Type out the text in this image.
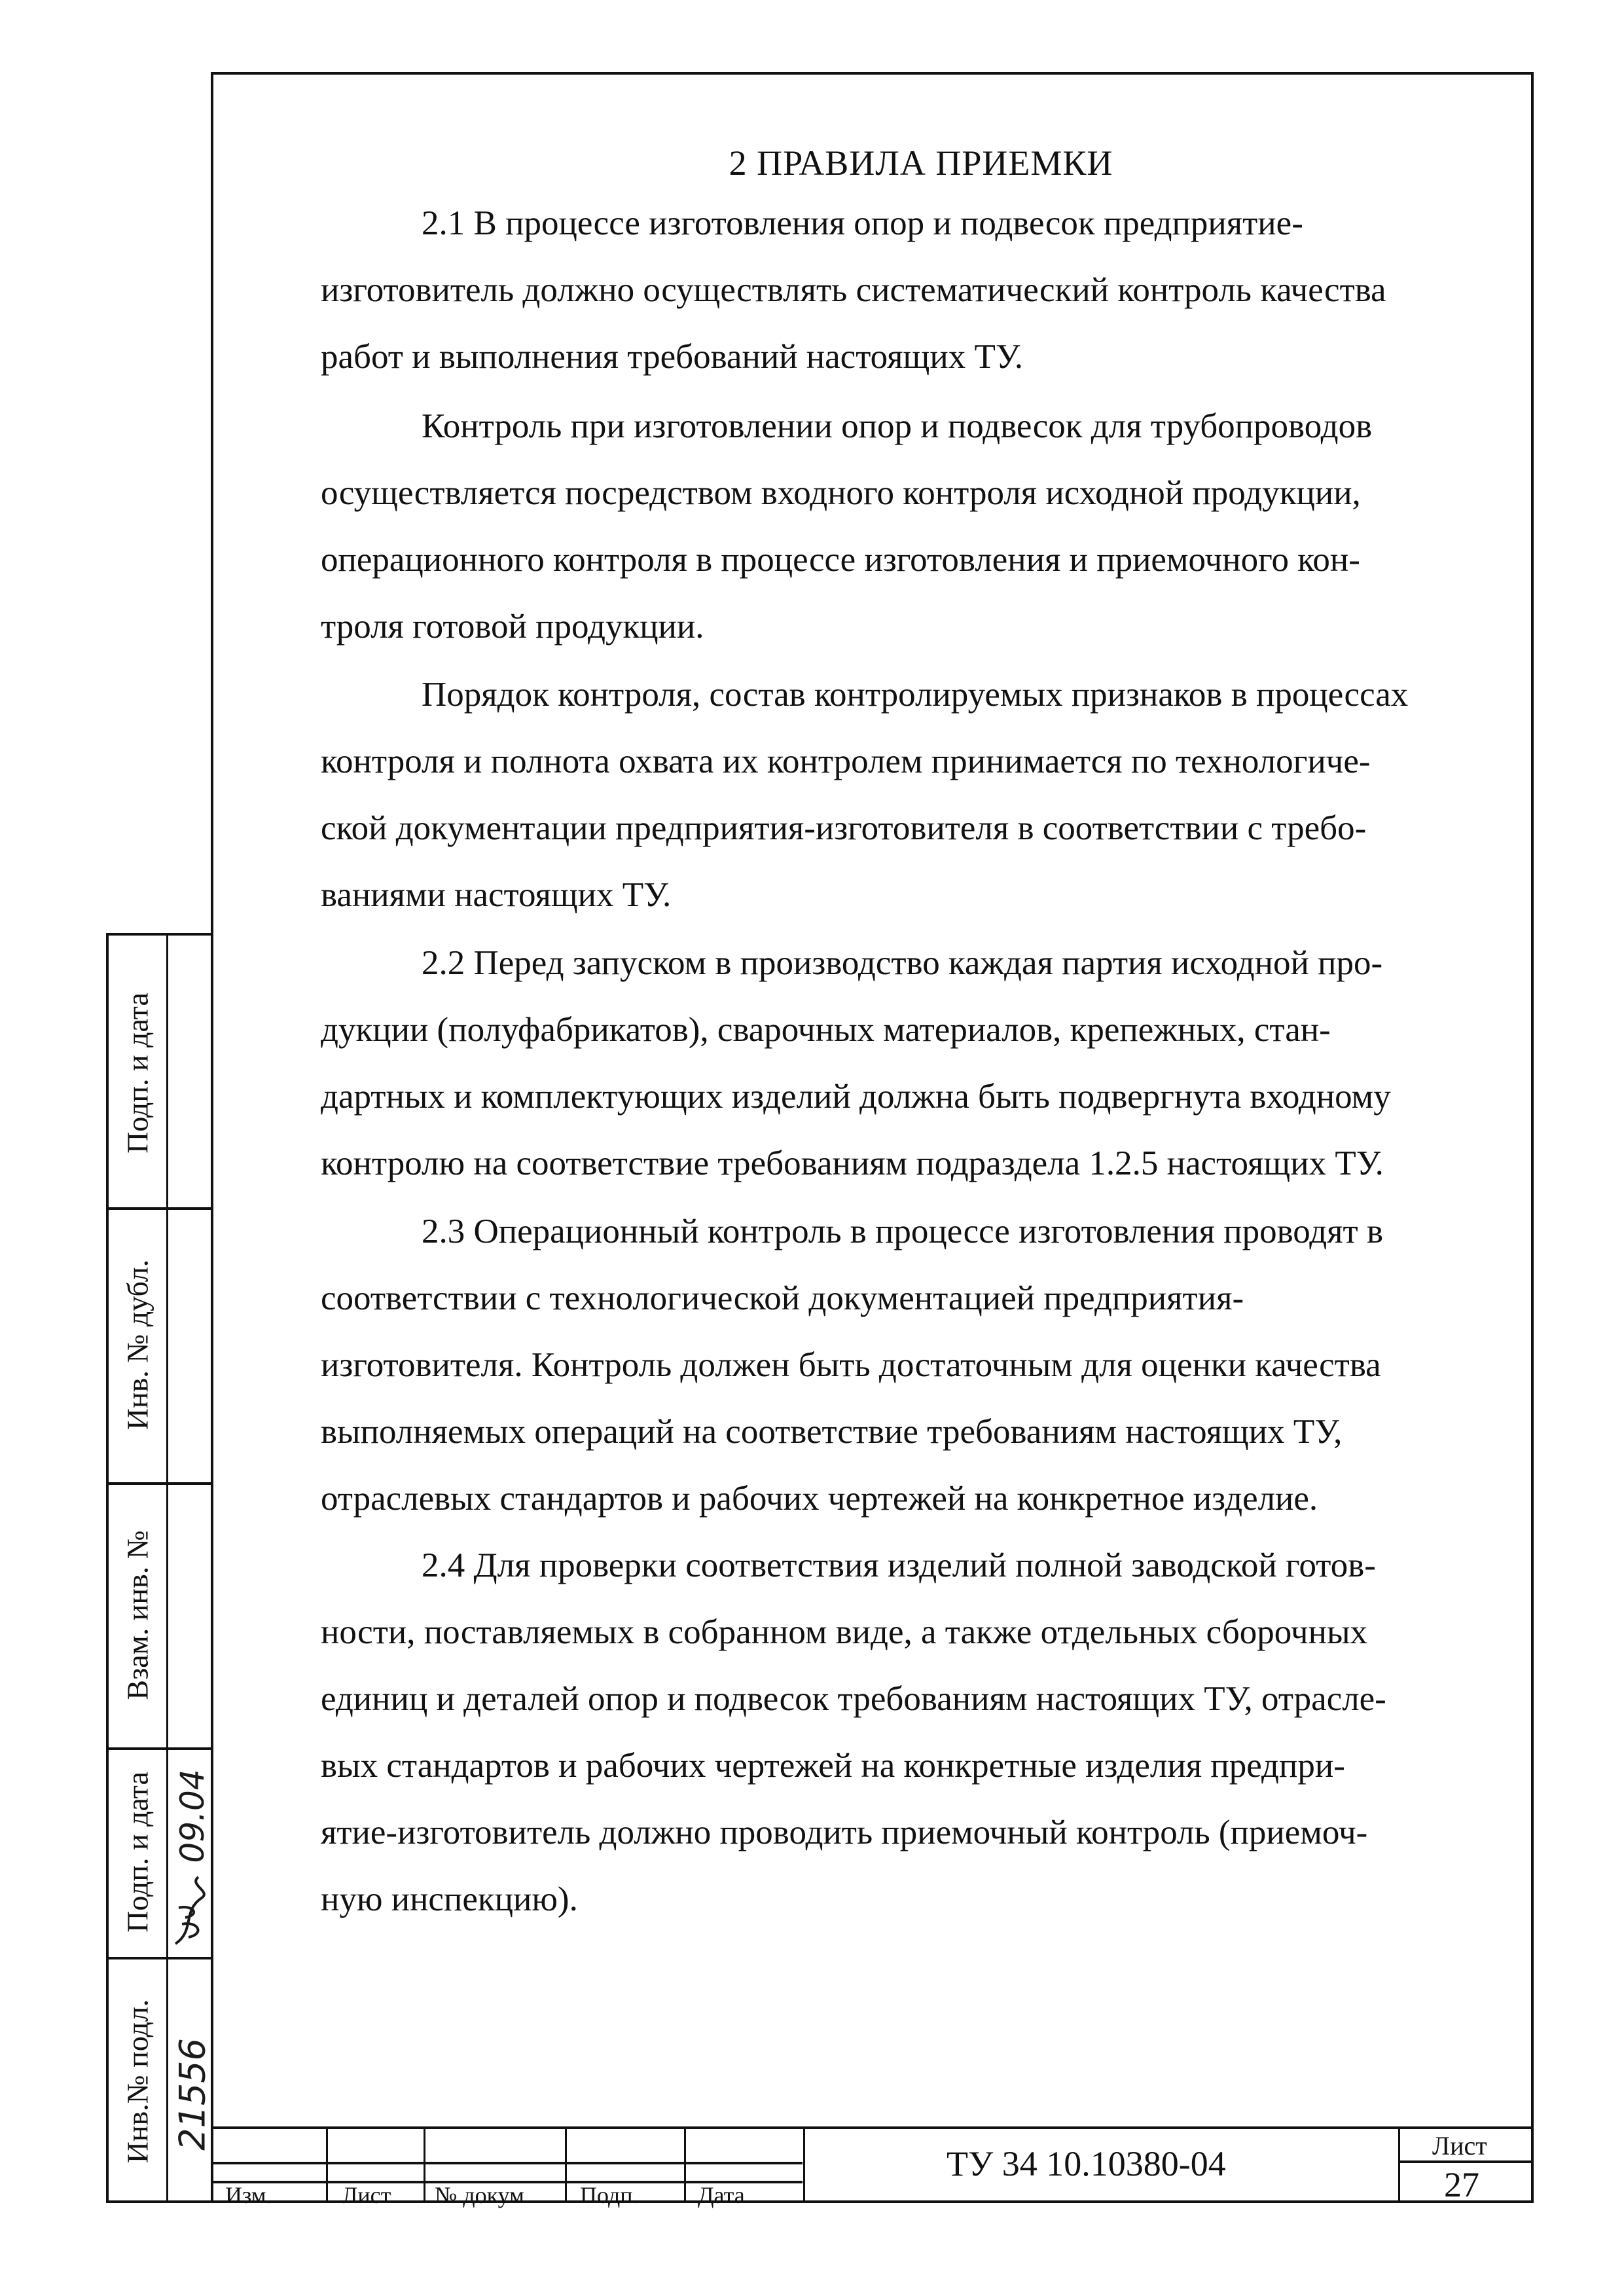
2 ПРАВИЛА ПРИЕМКИ
2.1 В процессе изготовления опор и подвесок предприятие-
изготовитель должно осуществлять систематический контроль качества
работ и выполнения требований настоящих ТУ.
Контроль при изготовлении опор и подвесок для трубопроводов
осуществляется посредством входного контроля исходной продукции,
операционного контроля в процессе изготовления и приемочного кон-
троля готовой продукции.
Порядок контроля, состав контролируемых признаков в процессах
контроля и полнота охвата их контролем принимается по технологиче-
ской документации предприятия-изготовителя в соответствии с требо-
ваниями настоящих ТУ.
2.2 Перед запуском в производство каждая партия исходной про-
дукции (полуфабрикатов), сварочных материалов, крепежных, стан-
дартных и комплектующих изделий должна быть подвергнута входному
контролю на соответствие требованиям подраздела 1.2.5 настоящих ТУ.
2.3 Операционный контроль в процессе изготовления проводят в
соответствии с технологической документацией предприятия-
изготовителя. Контроль должен быть достаточным для оценки качества
выполняемых операций на соответствие требованиям настоящих ТУ,
отраслевых стандартов и рабочих чертежей на конкретное изделие.
2.4 Для проверки соответствия изделий полной заводской готов-
ности, поставляемых в собранном виде, а также отдельных сборочных
единиц и деталей опор и подвесок требованиям настоящих ТУ, отрасле-
вых стандартов и рабочих чертежей на конкретные изделия предпри-
ятие-изготовитель должно проводить приемочный контроль (приемоч-
ную инспекцию).
Подп. и дата
Инв. № дубл.
Взам. инв. №
Подп. и дата
Инв.№ подл.
09.04
21556
Изм.	Лист № докум Подп.	Дата
ТУ 34 10.10380-04	Лист
27
